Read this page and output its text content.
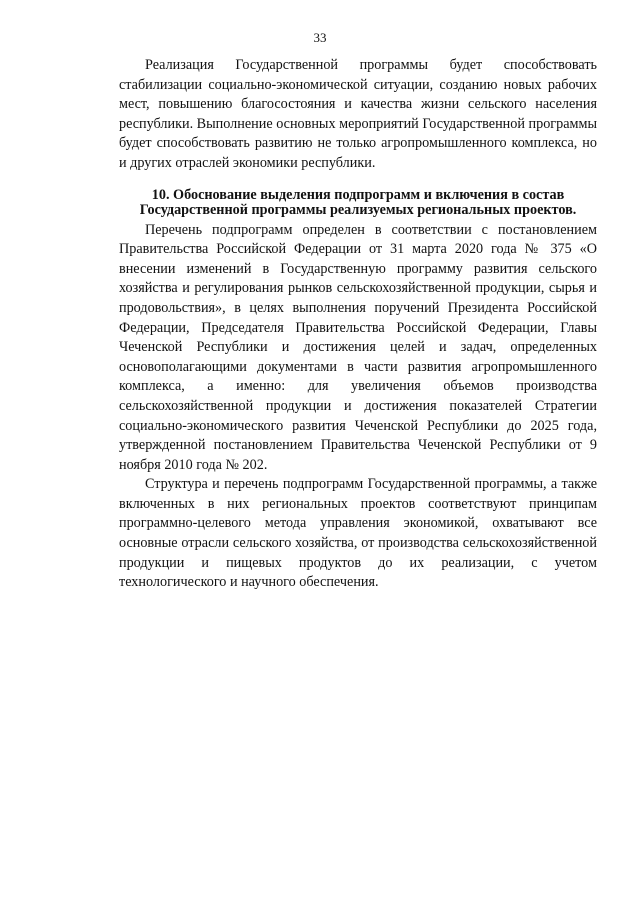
33

Реализация Государственной программы будет способствовать стабилизации социально-экономической ситуации, созданию новых рабочих мест, повышению благосостояния и качества жизни сельского населения республики. Выполнение основных мероприятий Государственной программы будет способствовать развитию не только агропромышленного комплекса, но и других отраслей экономики республики.

10. Обоснование выделения подпрограмм и включения в состав
Государственной программы реализуемых региональных проектов.

Перечень подпрограмм определен в соответствии с постановлением Правительства Российской Федерации от 31 марта 2020 года № 375 «О внесении изменений в Государственную программу развития сельского хозяйства и регулирования рынков сельскохозяйственной продукции, сырья и продовольствия», в целях выполнения поручений Президента Российской Федерации, Председателя Правительства Российской Федерации, Главы Чеченской Республики и достижения целей и задач, определенных основополагающими документами в части развития агропромышленного комплекса, а именно: для увеличения объемов производства сельскохозяйственной продукции и достижения показателей Стратегии социально-экономического развития Чеченской Республики до 2025 года, утвержденной постановлением Правительства Чеченской Республики от 9 ноября 2010 года № 202.

Структура и перечень подпрограмм Государственной программы, а также включенных в них региональных проектов соответствуют принципам программно-целевого метода управления экономикой, охватывают все основные отрасли сельского хозяйства, от производства сельскохозяйственной продукции и пищевых продуктов до их реализации, с учетом технологического и научного обеспечения.
